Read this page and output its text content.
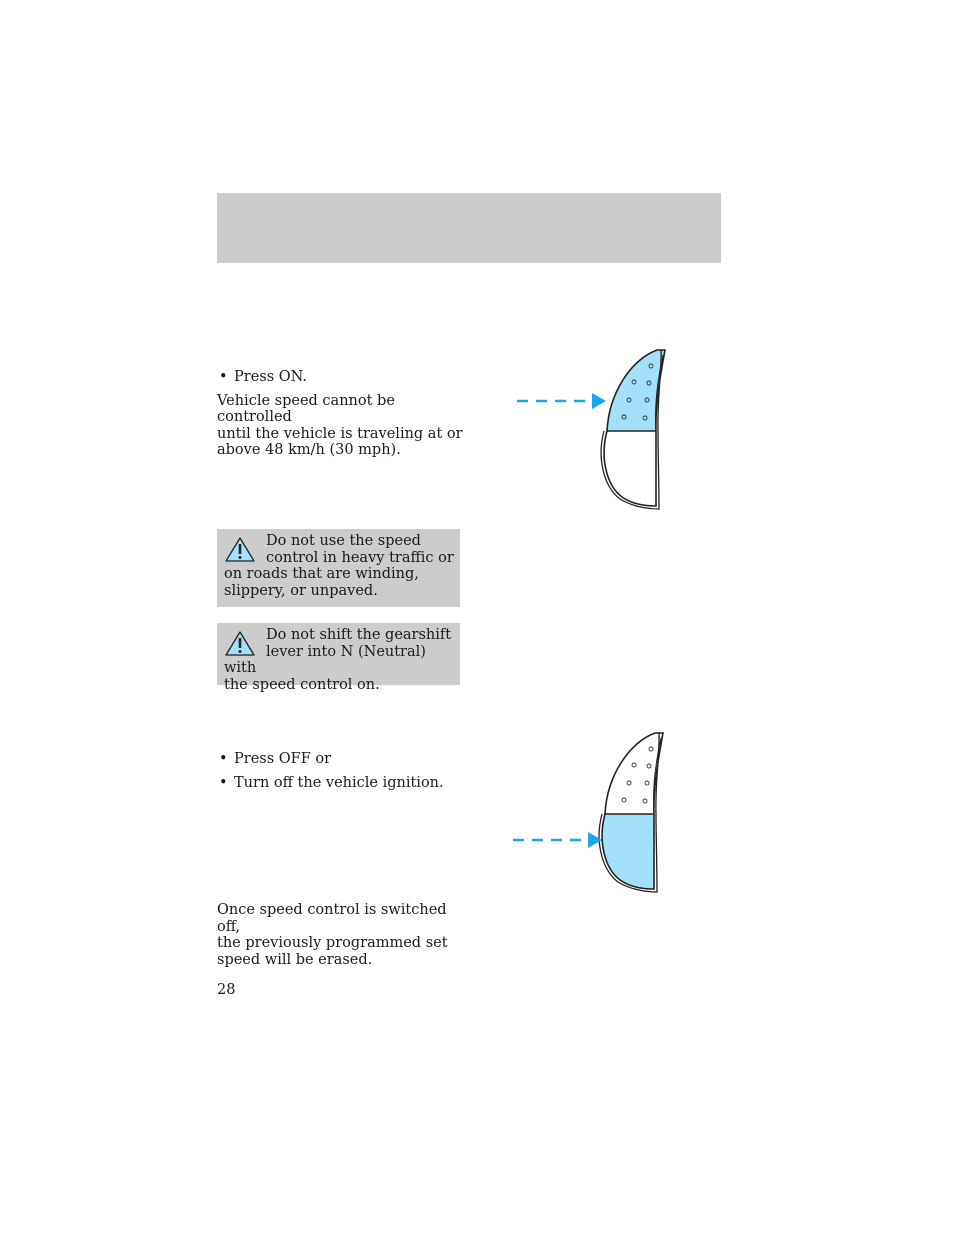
• Press ON.

Vehicle speed cannot be controlled
until the vehicle is traveling at or
above 48 km/h (30 mph).

Do not use the speed
control in heavy traffic or
on roads that are winding,
slippery, or unpaved.
Do not shift the gearshift
lever into N (Neutral) with
the speed control on.
• Press OFF or
• Turn off the vehicle ignition.

Once speed control is switched off,
the previously programmed set
speed will be erased.

28
